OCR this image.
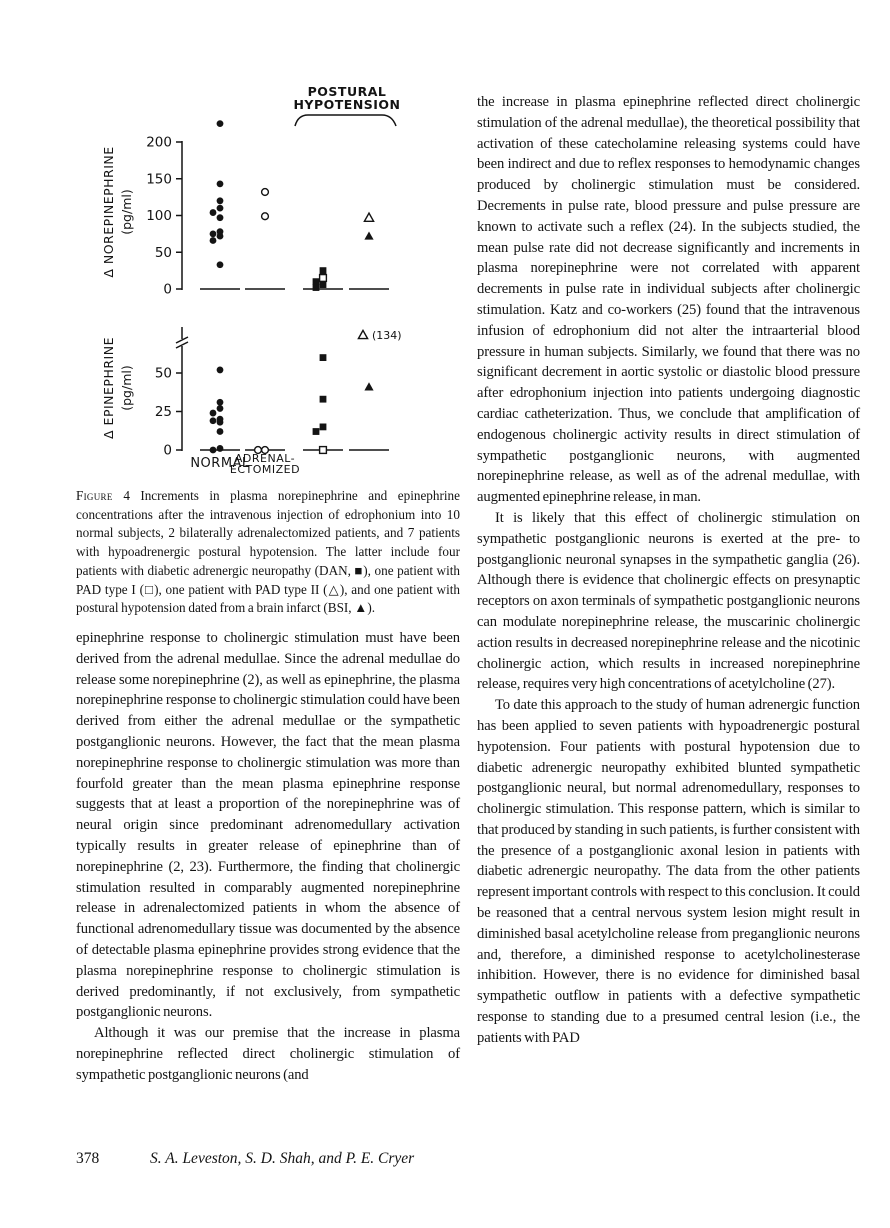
0
50
100
150
200
Δ NOREPINEPHRINE (pg/ml)
0
25
50
Δ EPINEPHRINE (pg/ml)
(134)
POSTURAL
HYPOTENSION
NORMAL
ADRENAL-
ECTOMIZED
Figure 4 Increments in plasma norepinephrine and epinephrine concentrations after the intravenous injection of edrophonium into 10 normal subjects, 2 bilaterally adrenalectomized patients, and 7 patients with hypoadrenergic postural hypotension. The latter include four patients with diabetic adrenergic neuropathy (DAN, ■), one patient with PAD type I (□), one patient with PAD type II (△), and one patient with postural hypotension dated from a brain infarct (BSI, ▲).

epinephrine response to cholinergic stimulation must have been derived from the adrenal medullae. Since the adrenal medullae do release some norepinephrine (2), as well as epinephrine, the plasma norepinephrine response to cholinergic stimulation could have been derived from either the adrenal medullae or the sympathetic postganglionic neurons. However, the fact that the mean plasma norepinephrine response to cholinergic stimulation was more than fourfold greater than the mean plasma epinephrine response suggests that at least a proportion of the norepinephrine was of neural origin since predominant adrenomedullary activation typically results in greater release of epinephrine than of norepinephrine (2, 23). Furthermore, the finding that cholinergic stimulation resulted in comparably augmented norepinephrine release in adrenalectomized patients in whom the absence of functional adrenomedullary tissue was documented by the absence of detectable plasma epinephrine provides strong evidence that the plasma norepinephrine response to cholinergic stimulation is derived predominantly, if not exclusively, from sympathetic postganglionic neurons.

Although it was our premise that the increase in plasma norepinephrine reflected direct cholinergic stimulation of sympathetic postganglionic neurons (and

the increase in plasma epinephrine reflected direct cholinergic stimulation of the adrenal medullae), the theoretical possibility that activation of these catecholamine releasing systems could have been indirect and due to reflex responses to hemodynamic changes produced by cholinergic stimulation must be considered. Decrements in pulse rate, blood pressure and pulse pressure are known to activate such a reflex (24). In the subjects studied, the mean pulse rate did not decrease significantly and increments in plasma norepinephrine were not correlated with apparent decrements in pulse rate in individual subjects after cholinergic stimulation. Katz and co-workers (25) found that the intravenous infusion of edrophonium did not alter the intraarterial blood pressure in human subjects. Similarly, we found that there was no significant decrement in aortic systolic or diastolic blood pressure after edrophonium injection into patients undergoing diagnostic cardiac catheterization. Thus, we conclude that amplification of endogenous cholinergic activity results in direct stimulation of sympathetic postganglionic neurons, with augmented norepinephrine release, as well as of the adrenal medullae, with augmented epinephrine release, in man.

It is likely that this effect of cholinergic stimulation on sympathetic postganglionic neurons is exerted at the pre- to postganglionic neuronal synapses in the sympathetic ganglia (26). Although there is evidence that cholinergic effects on presynaptic receptors on axon terminals of sympathetic postganglionic neurons can modulate norepinephrine release, the muscarinic cholinergic action results in decreased norepinephrine release and the nicotinic cholinergic action, which results in increased norepinephrine release, requires very high concentrations of acetylcholine (27).

To date this approach to the study of human adrenergic function has been applied to seven patients with hypoadrenergic postural hypotension. Four patients with postural hypotension due to diabetic adrenergic neuropathy exhibited blunted sympathetic postganglionic neural, but normal adrenomedullary, responses to cholinergic stimulation. This response pattern, which is similar to that produced by standing in such patients, is further consistent with the presence of a postganglionic axonal lesion in patients with diabetic adrenergic neuropathy. The data from the other patients represent important controls with respect to this conclusion. It could be reasoned that a central nervous system lesion might result in diminished basal acetylcholine release from preganglionic neurons and, therefore, a diminished response to acetylcholinesterase inhibition. However, there is no evidence for diminished basal sympathetic outflow in patients with a defective sympathetic response to standing due to a presumed central lesion (i.e., the patients with PAD

378	S. A. Leveston, S. D. Shah, and P. E. Cryer
